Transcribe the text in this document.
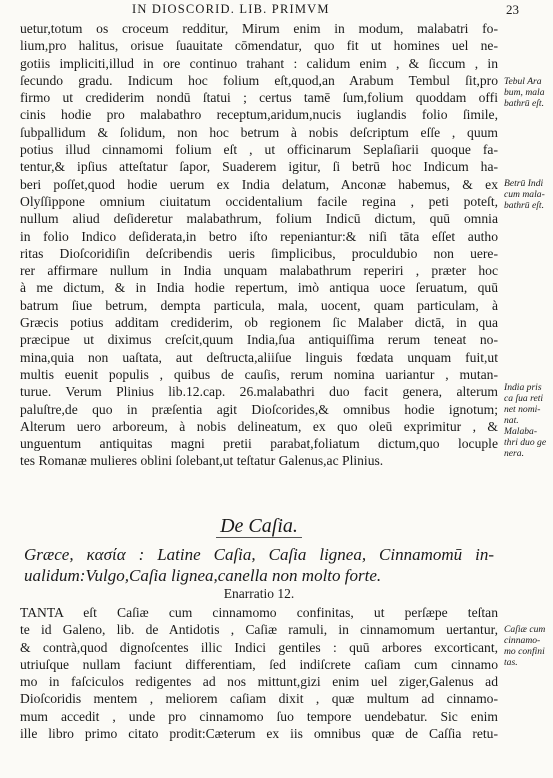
IN DIOSCORID. LIB. PRIMVM	23
uetur,totum os croceum redditur, Mirum enim in modum, malabatri fo-
lium,pro halitus, orisue ſuauitate cōmendatur, quo fit ut homines uel ne-
gotiis impliciti,illud in ore continuo trahant : calidum enim , & ſiccum , in
ſecundo gradu. Indicum hoc folium eſt,quod,an Arabum Tembul ſit,pro
firmo ut crediderim nondū ſtatui ; certus tamē ſum,folium quoddam offi
cinis hodie pro malabathro receptum,aridum,nucis iuglandis folio ſimile,
ſubpallidum & ſolidum, non hoc betrum à nobis deſcriptum eſſe , quum
potius illud cinnamomi folium eſt , ut officinarum Seplaſiarii quoque fa-
tentur,& ipſius atteſtatur ſapor, Suaderem igitur, ſi betrū hoc Indicum ha-
beri poſſet,quod hodie uerum ex India delatum, Anconæ habemus, & ex
Olyſſippone omnium ciuitatum occidentalium facile regina , peti poteſt,
nullum aliud deſideretur malabathrum, folium Indicū dictum, quū omnia
in folio Indico deſiderata,in betro iſto repeniantur:& niſi tāta eſſet autho
ritas Dioſcoridiſin deſcribendis ueris ſimplicibus, proculdubio non uere-
rer affirmare nullum in India unquam malabathrum reperiri , præter hoc
à me dictum, & in India hodie repertum, imò antiqua uoce ſeruatum, quū
batrum ſiue betrum, dempta particula, mala, uocent, quam particulam, à
Græcis potius additam crediderim, ob regionem ſic Malaber dictā, in qua
præcipue ut diximus creſcit,quum India,ſua antiquiſſima rerum teneat no-
mina,quia non uaſtata, aut deſtructa,aliiſue linguis fœdata unquam fuit,ut
multis euenit populis , quibus de cauſis, rerum nomina uariantur , mutan-
turue. Verum Plinius lib.12.cap. 26.malabathri duo facit genera, alterum
paluſtre,de quo in præſentia agit Dioſcorides,& omnibus hodie ignotum;
Alterum uero arboreum, à nobis delineatum, ex quo oleū exprimitur , &
unguentum antiquitas magni pretii parabat,foliatum dictum,quo locuple
tes Romanæ mulieres oblini ſolebant,ut teſtatur Galenus,ac Plinius.
De Caſia.
Græce, κασία : Latine Caſia, Caſia lignea, Cinnamomū in-
ualidum:Vulgo,Caſia lignea,canella non molto forte.
Enarratio 12.
TANTA eſt Caſiæ cum cinnamomo confinitas, ut perſæpe teſtan
te id Galeno, lib. de Antidotis , Caſiæ ramuli, in cinnamomum uertantur,
& contrà,quod dignoſcentes illic Indici gentiles : quū arbores excorticant,
utriuſque nullam faciunt differentiam, ſed indiſcrete caſiam cum cinnamo
mo in faſciculos redigentes ad nos mittunt,gizi enim uel ziger,Galenus ad
Dioſcoridis mentem , meliorem caſiam dixit , quæ multum ad cinnamo-
mum accedit , unde pro cinnamomo ſuo tempore uendebatur. Sic enim
ille libro primo citato prodit:Cæterum ex iis omnibus quæ de Caſſia retu-
Tebul Ara bum, mala bathrū eſt.
Betrū Indi cum mala- bathrū eſt.
India pris ca ſua reti net nomi- nat. Malaba- thri duo ge nera.
Caſiæ cum cinnamo- mo confini tas.
